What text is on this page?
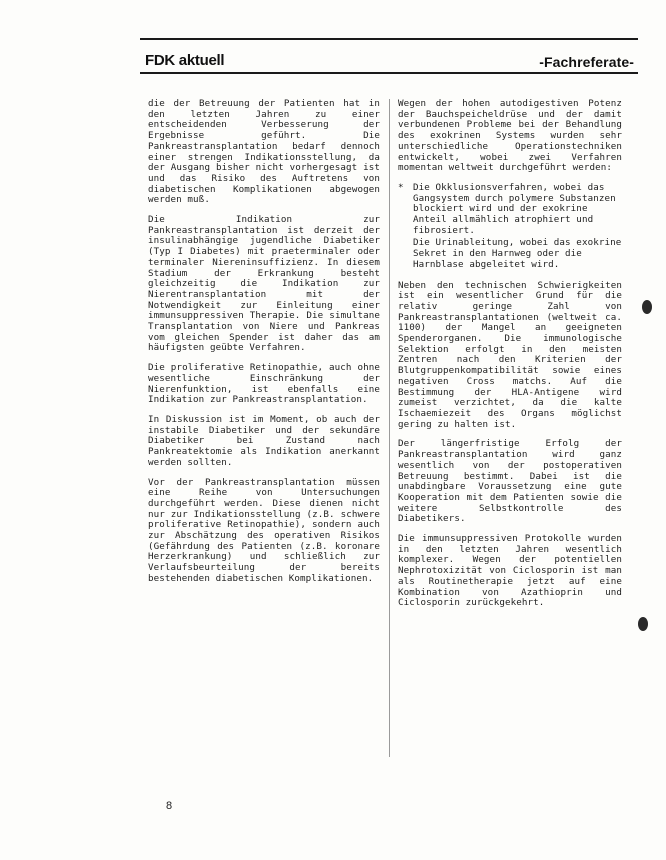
FDK aktuell	-Fachreferate-

die der Betreuung der Patienten hat in den letzten Jahren zu einer entscheidenden Verbesserung der Ergebnisse geführt. Die Pankreastransplantation bedarf dennoch einer strengen Indikationsstellung, da der Ausgang bisher nicht vorhergesagt ist und das Risiko des Auftretens von diabetischen Komplikationen abgewogen werden muß.

Die Indikation zur Pankreastransplantation ist derzeit der insulinabhängige jugendliche Diabetiker (Typ I Diabetes) mit praeterminaler oder terminaler Niereninsuffizienz. In diesem Stadium der Erkrankung besteht gleichzeitig die Indikation zur Nierentransplantation mit der Notwendigkeit zur Einleitung einer immunsuppressiven Therapie. Die simultane Transplantation von Niere und Pankreas vom gleichen Spender ist daher das am häufigsten geübte Verfahren.

Die proliferative Retinopathie, auch ohne wesentliche Einschränkung der Nierenfunktion, ist ebenfalls eine Indikation zur Pankreastransplantation.

In Diskussion ist im Moment, ob auch der instabile Diabetiker und der sekundäre Diabetiker bei Zustand nach Pankreatektomie als Indikation anerkannt werden sollten.

Vor der Pankreastransplantation müssen eine Reihe von Untersuchungen durchgeführt werden. Diese dienen nicht nur zur Indikationsstellung (z.B. schwere proliferative Retinopathie), sondern auch zur Abschätzung des operativen Risikos (Gefährdung des Patienten (z.B. koronare Herzerkrankung) und schließlich zur Verlaufsbeurteilung der bereits bestehenden diabetischen Komplikationen.

Wegen der hohen autodigestiven Potenz der Bauchspeicheldrüse und der damit verbundenen Probleme bei der Behandlung des exokrinen Systems wurden sehr unterschiedliche Operationstechniken entwickelt, wobei zwei Verfahren momentan weltweit durchgeführt werden:

* Die Okklusionsverfahren, wobei das Gangsystem durch polymere Substanzen blockiert wird und der exokrine Anteil allmählich atrophiert und fibrosiert.
Die Urinableitung, wobei das exokrine Sekret in den Harnweg oder die Harnblase abgeleitet wird.

Neben den technischen Schwierigkeiten ist ein wesentlicher Grund für die relativ geringe Zahl von Pankreastransplantationen (weltweit ca. 1100) der Mangel an geeigneten Spenderorganen. Die immunologische Selektion erfolgt in den meisten Zentren nach den Kriterien der Blutgruppenkompatibilität sowie eines negativen Cross matchs. Auf die Bestimmung der HLA-Antigene wird zumeist verzichtet, da die kalte Ischaemiezeit des Organs möglichst gering zu halten ist.

Der längerfristige Erfolg der Pankreastransplantation wird ganz wesentlich von der postoperativen Betreuung bestimmt. Dabei ist die unabdingbare Voraussetzung eine gute Kooperation mit dem Patienten sowie die weitere Selbstkontrolle des Diabetikers.

Die immunsuppressiven Protokolle wurden in den letzten Jahren wesentlich komplexer. Wegen der potentiellen Nephrotoxizität von Ciclosporin ist man als Routinetherapie jetzt auf eine Kombination von Azathioprin und Ciclosporin zurückgekehrt.

8
